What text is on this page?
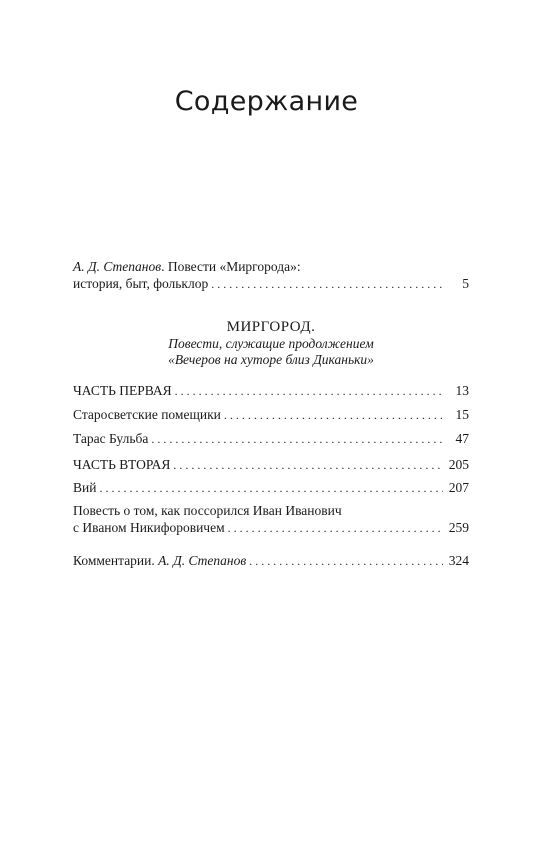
Содержание
А. Д. Степанов. Повести «Миргорода»:
история, быт, фольклор . . .	5
МИРГОРОД.
Повести, служащие продолжением
«Вечеров на хуторе близ Диканьки»
ЧАСТЬ ПЕРВАЯ . . .	13
Старосветские помещики . . .	15
Тарас Бульба . . .	47
ЧАСТЬ ВТОРАЯ . . .	205
Вий . . .	207
Повесть о том, как поссорился Иван Иванович
с Иваном Никифоровичем . . .	259
Комментарии. А. Д. Степанов . . .	324
